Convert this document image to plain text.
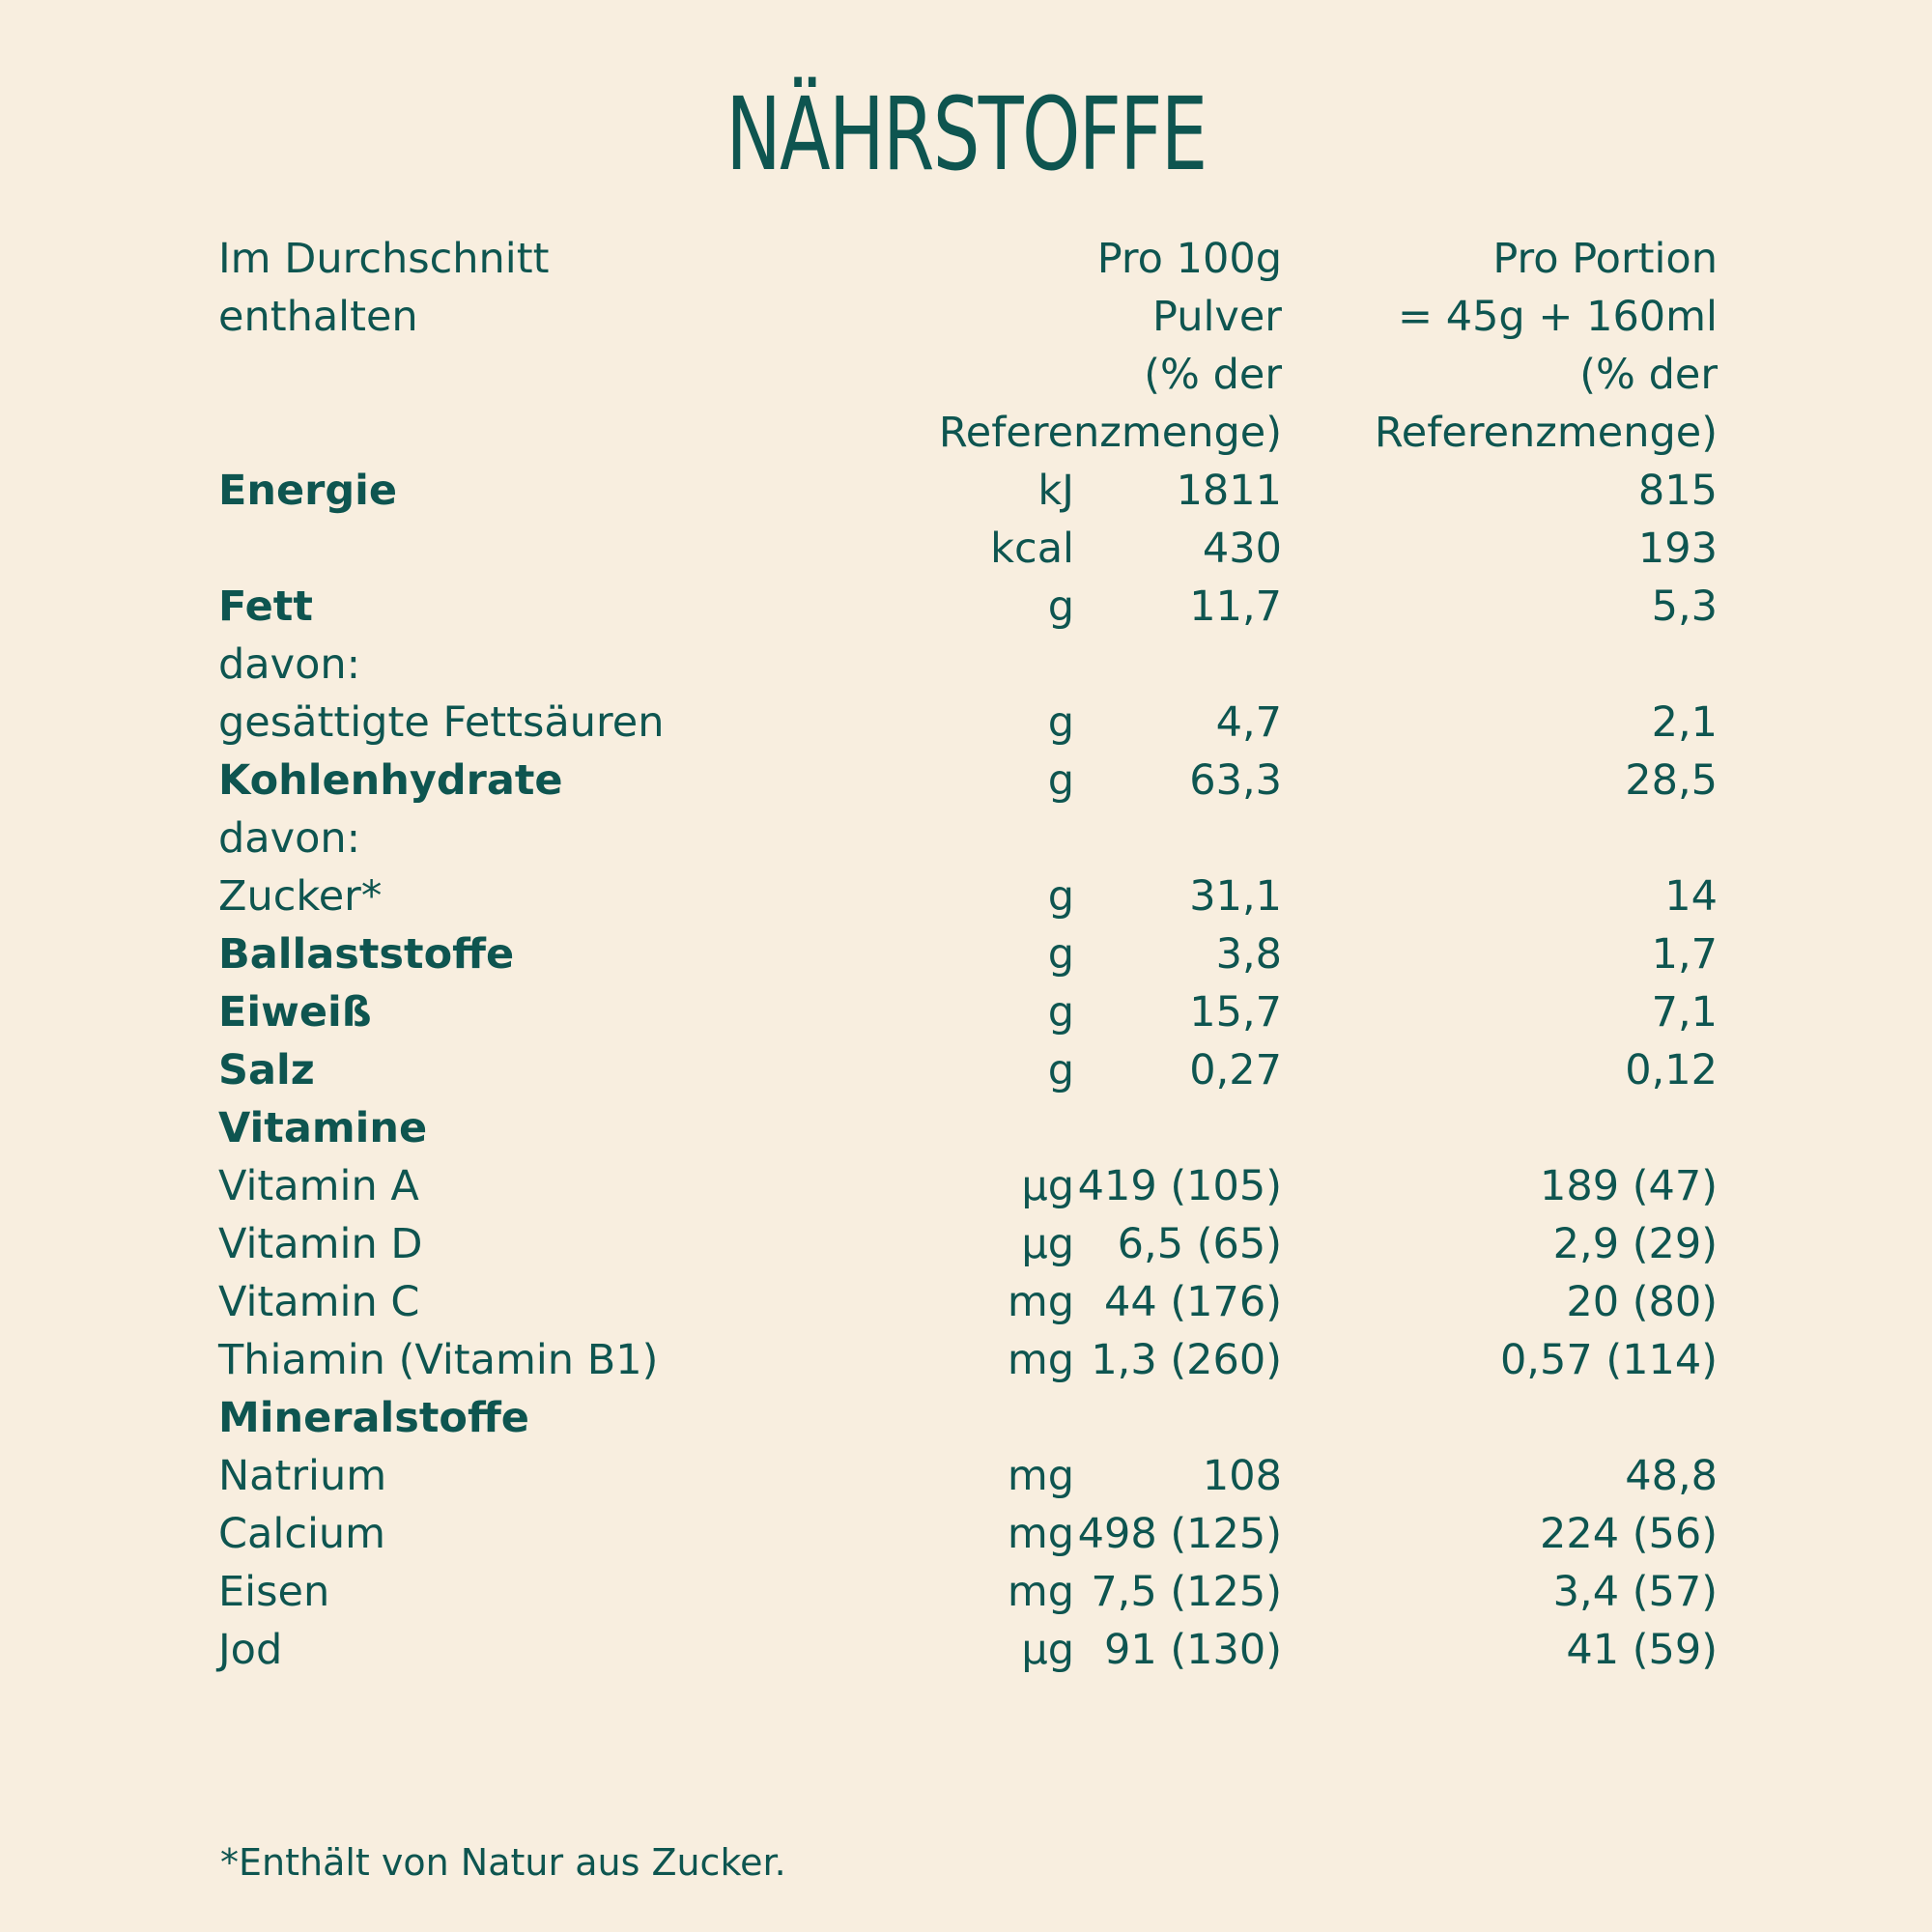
NÄHRSTOFFE
Im Durchschnitt	Pro 100g	Pro Portion
enthalten	Pulver	= 45g + 160ml
(% der	(% der
Referenzmenge) Referenzmenge)
Energie	kJ 1811	815
kcal	430	193
Fett	g	11,7	5,3
davon:
gesättigte Fettsäuren	g	4,7	2,1
Kohlenhydrate	g	63,3	28,5
davon:
Zucker*	g	31,1	14
Ballaststoffe	g	3,8	1,7
Eiweiß	g	15,7	7,1
Salz	g	0,27	0,12
Vitamine
Vitamin A	µg 419 (105)	189 (47)
Vitamin D	µg 6,5 (65)	2,9 (29)
Vitamin C	mg 44 (176)	20 (80)
Thiamin (Vitamin B1)	mg 1,3 (260)	0,57 (114)
Mineralstoffe
Natrium	mg	108	48,8
Calcium	mg 498 (125)	224 (56)
Eisen	mg 7,5 (125)	3,4 (57)
Jod	µg 91 (130)	41 (59)
*Enthält von Natur aus Zucker.
